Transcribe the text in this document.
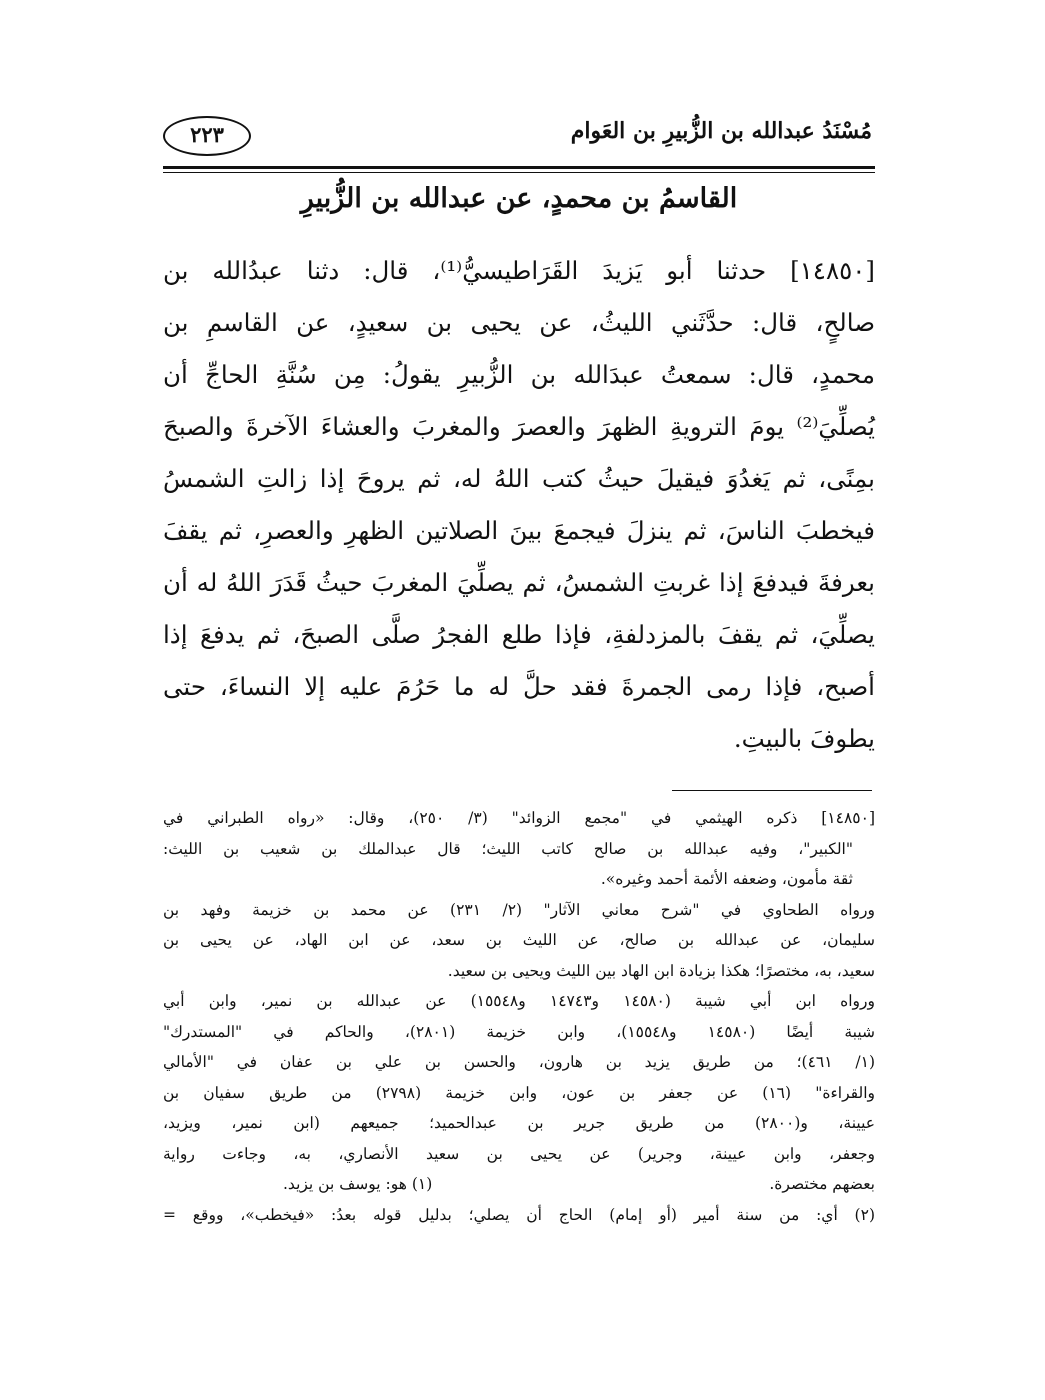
مُسْنَدُ عبدالله بن الزُّبيرِ بن العَوام
٢٢٣
القاسمُ بن محمدٍ، عن عبدالله بن الزُّبيرِ
[١٤٨٥٠] حدثنا أبو يَزيدَ القَرَاطيسيُّ⁽¹⁾، قال: دثنا عبدُالله بن
صالحٍ، قال: حدَّثَني الليثُ، عن يحيى بن سعيدٍ، عن القاسمِ بن
محمدٍ، قال: سمعتُ عبدَالله بن الزُّبيرِ يقولُ: مِن سُنَّةِ الحاجِّ أن
يُصلِّيَ⁽²⁾ يومَ الترويةِ الظهرَ والعصرَ والمغربَ والعشاءَ الآخرةَ والصبحَ
بمِنًى، ثم يَغدُوَ فيقيلَ حيثُ كتب اللهُ له، ثم يروحَ إذا زالتِ الشمسُ
فيخطبَ الناسَ، ثم ينزلَ فيجمعَ بينَ الصلاتين الظهرِ والعصرِ، ثم يقفَ
بعرفةَ فيدفعَ إذا غربتِ الشمسُ، ثم يصلِّيَ المغربَ حيثُ قَدَرَ اللهُ له أن
يصلِّيَ، ثم يقفَ بالمزدلفةِ، فإذا طلع الفجرُ صلَّى الصبحَ، ثم يدفعَ إذا
أصبح، فإذا رمى الجمرةَ فقد حلَّ له ما حَرُمَ عليه إلا النساءَ، حتى
يطوفَ بالبيتِ.
[١٤٨٥٠] ذكره الهيثمي في "مجمع الزوائد" (٣/ ٢٥٠)، وقال: «رواه الطبراني في
"الكبير"، وفيه عبدالله بن صالح كاتب الليث؛ قال عبدالملك بن شعيب بن الليث:
ثقة مأمون، وضعفه الأئمة أحمد وغيره».
ورواه الطحاوي في "شرح معاني الآثار" (٢/ ٢٣١) عن محمد بن خزيمة وفهد بن
سليمان، عن عبدالله بن صالح، عن الليث بن سعد، عن ابن الهاد، عن يحيى بن
سعيد، به، مختصرًا؛ هكذا بزيادة ابن الهاد بين الليث ويحيى بن سعيد.
ورواه ابن أبي شيبة (١٤٥٨٠ و١٤٧٤٣ و١٥٥٤٨) عن عبدالله بن نمير، وابن أبي
شيبة أيضًا (١٤٥٨٠ و١٥٥٤٨)، وابن خزيمة (٢٨٠١)، والحاكم في "المستدرك"
(١/ ٤٦١)؛ من طريق يزيد بن هارون، والحسن بن علي بن عفان في "الأمالي
والقراءة" (١٦) عن جعفر بن عون، وابن خزيمة (٢٧٩٨) من طريق سفيان بن
عيينة، و(٢٨٠٠) من طريق جرير بن عبدالحميد؛ جميعهم (ابن نمير، ويزيد،
وجعفر، وابن عيينة، وجرير) عن يحيى بن سعيد الأنصاري، به، وجاءت رواية
بعضهم مختصرة.
(١) هو: يوسف بن يزيد.
(٢) أي: من سنة أمير (أو إمام) الحاج أن يصلي؛ بدليل قوله بعدُ: «فيخطب»، ووقع =
